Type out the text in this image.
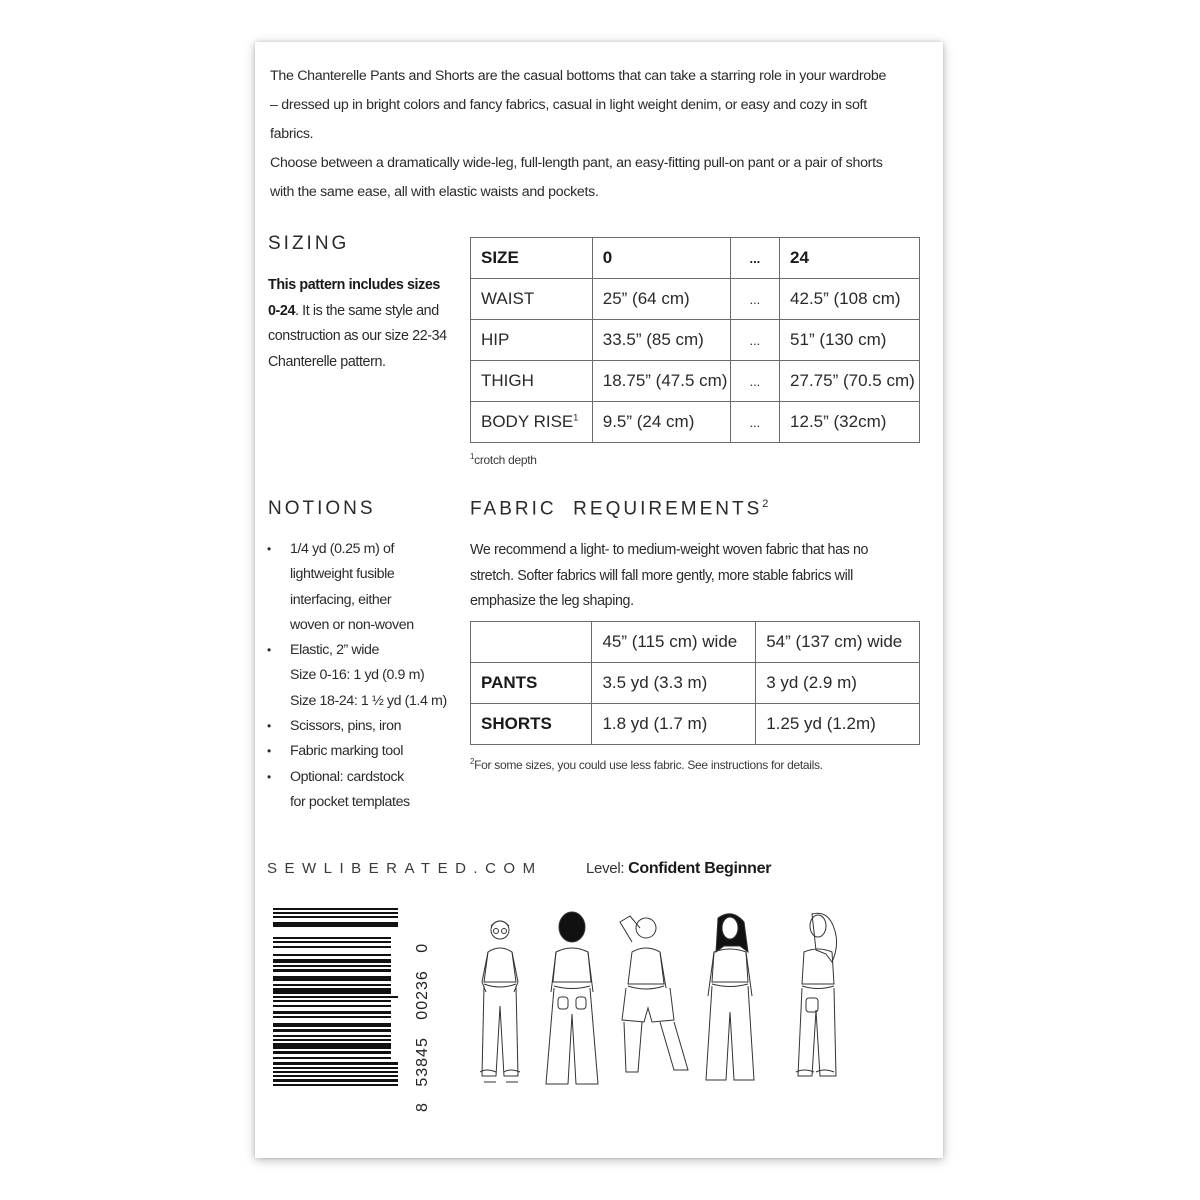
The Chanterelle Pants and Shorts are the casual bottoms that can take a starring role in your wardrobe – dressed up in bright colors and fancy fabrics, casual in light weight denim, or easy and cozy in soft fabrics.

Choose between a dramatically wide-leg, full-length pant, an easy-fitting pull-on pant or a pair of shorts with the same ease, all with elastic waists and pockets.

SIZING
This pattern includes sizes 0-24. It is the same style and construction as our size 22-34 Chanterelle pattern.
SIZE	0	...	24
WAIST	25” (64 cm)	...	42.5” (108 cm)
HIP	33.5” (85 cm)	...	51” (130 cm)
THIGH	18.75” (47.5 cm)	...	27.75” (70.5 cm)
BODY RISE$^1$	9.5” (24 cm)	...	12.5” (32cm)
$^1$crotch depth
NOTIONS
• 1/4 yd (0.25 m) of
lightweight fusible
interfacing, either
woven or non-woven
• Elastic, 2” wide
Size 0-16: 1 yd (0.9 m)
Size 18-24: 1 ½ yd (1.4 m)
• Scissors, pins, iron
• Fabric marking tool
• Optional: cardstock
for pocket templates
FABRIC  REQUIREMENTS$^2$
We recommend a light- to medium-weight woven fabric that has no stretch. Softer fabrics will fall more gently, more stable fabrics will emphasize the leg shaping.
	45” (115 cm) wide	54” (137 cm) wide
PANTS	3.5 yd (3.3 m)	3 yd (2.9 m)
SHORTS	1.8 yd (1.7 m)	1.25 yd (1.2m)
$^2$For some sizes, you could use less fabric. See instructions for details.
SEWLIBERATED.COM	Level: Confident Beginner
8 53845 00236 0
